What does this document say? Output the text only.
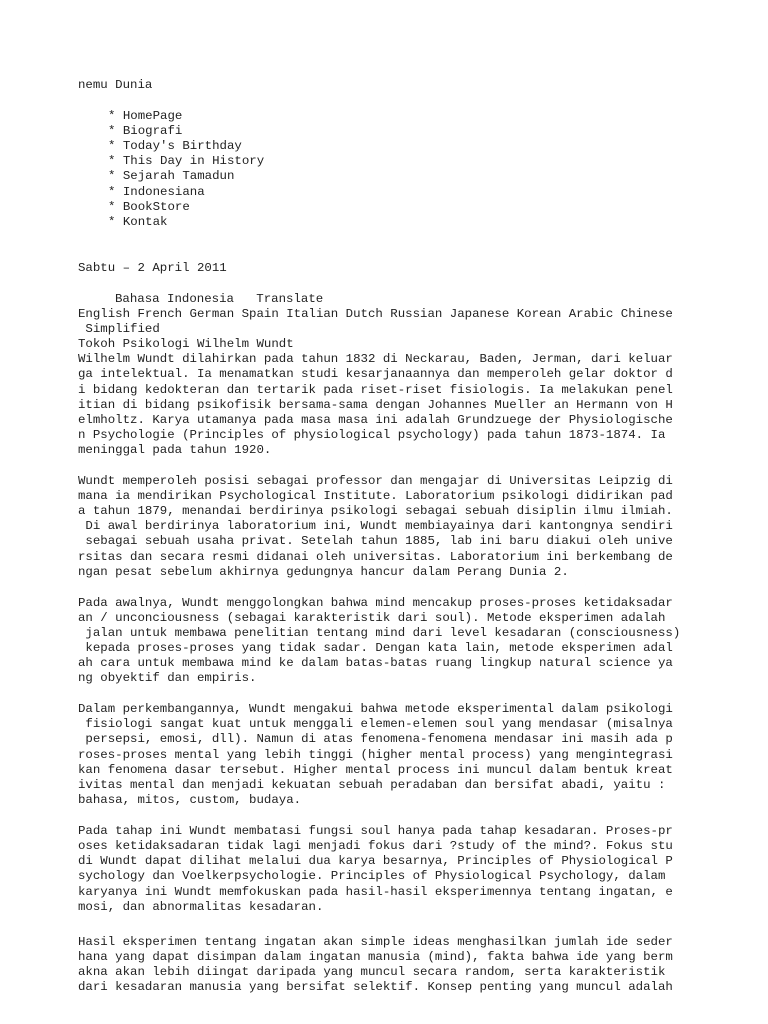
nemu Dunia

* HomePage

* Biografi

* Today's Birthday

* This Day in History

* Sejarah Tamadun

* Indonesiana

* BookStore

* Kontak

Sabtu – 2 April 2011

Bahasa Indonesia   Translate

English French German Spain Italian Dutch Russian Japanese Korean Arabic Chinese

Simplified

Tokoh Psikologi Wilhelm Wundt

Wilhelm Wundt dilahirkan pada tahun 1832 di Neckarau, Baden, Jerman, dari keluar

ga intelektual. Ia menamatkan studi kesarjanaannya dan memperoleh gelar doktor d

i bidang kedokteran dan tertarik pada riset-riset fisiologis. Ia melakukan penel

itian di bidang psikofisik bersama-sama dengan Johannes Mueller an Hermann von H

elmholtz. Karya utamanya pada masa masa ini adalah Grundzuege der Physiologische

n Psychologie (Principles of physiological psychology) pada tahun 1873-1874. Ia

meninggal pada tahun 1920.

Wundt memperoleh posisi sebagai professor dan mengajar di Universitas Leipzig di

mana ia mendirikan Psychological Institute. Laboratorium psikologi didirikan pad

a tahun 1879, menandai berdirinya psikologi sebagai sebuah disiplin ilmu ilmiah.

Di awal berdirinya laboratorium ini, Wundt membiayainya dari kantongnya sendiri

sebagai sebuah usaha privat. Setelah tahun 1885, lab ini baru diakui oleh unive

rsitas dan secara resmi didanai oleh universitas. Laboratorium ini berkembang de

ngan pesat sebelum akhirnya gedungnya hancur dalam Perang Dunia 2.

Pada awalnya, Wundt menggolongkan bahwa mind mencakup proses-proses ketidaksadar

an / unconciousness (sebagai karakteristik dari soul). Metode eksperimen adalah

jalan untuk membawa penelitian tentang mind dari level kesadaran (consciousness)

kepada proses-proses yang tidak sadar. Dengan kata lain, metode eksperimen adal

ah cara untuk membawa mind ke dalam batas-batas ruang lingkup natural science ya

ng obyektif dan empiris.

Dalam perkembangannya, Wundt mengakui bahwa metode eksperimental dalam psikologi

fisiologi sangat kuat untuk menggali elemen-elemen soul yang mendasar (misalnya

persepsi, emosi, dll). Namun di atas fenomena-fenomena mendasar ini masih ada p

roses-proses mental yang lebih tinggi (higher mental process) yang mengintegrasi

kan fenomena dasar tersebut. Higher mental process ini muncul dalam bentuk kreat

ivitas mental dan menjadi kekuatan sebuah peradaban dan bersifat abadi, yaitu :

bahasa, mitos, custom, budaya.

Pada tahap ini Wundt membatasi fungsi soul hanya pada tahap kesadaran. Proses-pr

oses ketidaksadaran tidak lagi menjadi fokus dari ?study of the mind?. Fokus stu

di Wundt dapat dilihat melalui dua karya besarnya, Principles of Physiological P

sychology dan Voelkerpsychologie. Principles of Physiological Psychology, dalam

karyanya ini Wundt memfokuskan pada hasil-hasil eksperimennya tentang ingatan, e

mosi, dan abnormalitas kesadaran.

Hasil eksperimen tentang ingatan akan simple ideas menghasilkan jumlah ide seder

hana yang dapat disimpan dalam ingatan manusia (mind), fakta bahwa ide yang berm

akna akan lebih diingat daripada yang muncul secara random, serta karakteristik

dari kesadaran manusia yang bersifat selektif. Konsep penting yang muncul adalah
